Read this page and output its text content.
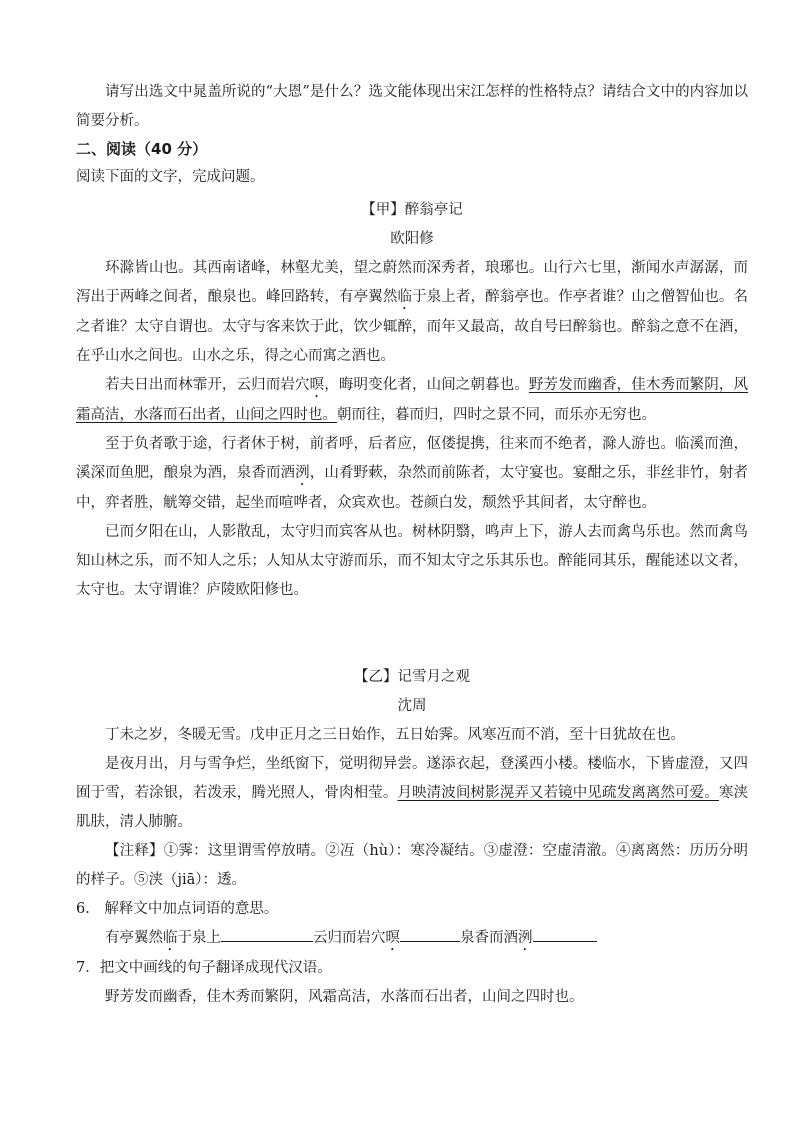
请写出选文中晁盖所说的“大恩”是什么？选文能体现出宋江怎样的性格特点？请结合文中的内容加以简要分析。

二、阅读（40 分）

阅读下面的文字，完成问题。

【甲】醉翁亭记

欧阳修

环滁皆山也。其西南诸峰，林壑尤美，望之蔚然而深秀者，琅琊也。山行六七里，渐闻水声潺潺，而泻出于两峰之间者，酿泉也。峰回路转，有亭翼然临于泉上者，醉翁亭也。作亭者谁？山之僧智仙也。名之者谁？太守自谓也。太守与客来饮于此，饮少辄醉，而年又最高，故自号曰醉翁也。醉翁之意不在酒，在乎山水之间也。山水之乐，得之心而寓之酒也。

若夫日出而林霏开，云归而岩穴暝，晦明变化者，山间之朝暮也。野芳发而幽香，佳木秀而繁阴，风霜高洁，水落而石出者，山间之四时也。朝而往，暮而归，四时之景不同，而乐亦无穷也。

至于负者歌于途，行者休于树，前者呼，后者应，伛偻提携，往来而不绝者，滁人游也。临溪而渔，溪深而鱼肥，酿泉为酒，泉香而酒洌，山肴野蔌，杂然而前陈者，太守宴也。宴酣之乐，非丝非竹，射者中，弈者胜，觥筹交错，起坐而喧哗者，众宾欢也。苍颜白发，颓然乎其间者，太守醉也。

已而夕阳在山，人影散乱，太守归而宾客从也。树林阴翳，鸣声上下，游人去而禽鸟乐也。然而禽鸟知山林之乐，而不知人之乐；人知从太守游而乐，而不知太守之乐其乐也。醉能同其乐，醒能述以文者，太守也。太守谓谁？庐陵欧阳修也。

【乙】记雪月之观

沈周

丁未之岁，冬暖无雪。戊申正月之三日始作，五日始霁。风寒冱而不消，至十日犹故在也。

是夜月出，月与雪争烂，坐纸窗下，觉明彻异尝。遂添衣起，登溪西小楼。楼临水，下皆虚澄，又四囿于雪，若涂银，若泼汞，腾光照人，骨肉相莹。月映清波间树影滉弄又若镜中见疏发离离然可爱。寒浃肌肤，清人肺腑。

【注释】①霁：这里谓雪停放晴。②冱（hù）：寒冷凝结。③虚澄：空虚清澈。④离离然：历历分明的样子。⑤浃（jiā）：透。

6.　解释文中加点词语的意思。

有亭翼然临于泉上	云归而岩穴暝	泉香而酒洌

7．把文中画线的句子翻译成现代汉语。

野芳发而幽香，佳木秀而繁阴，风霜高洁，水落而石出者，山间之四时也。
